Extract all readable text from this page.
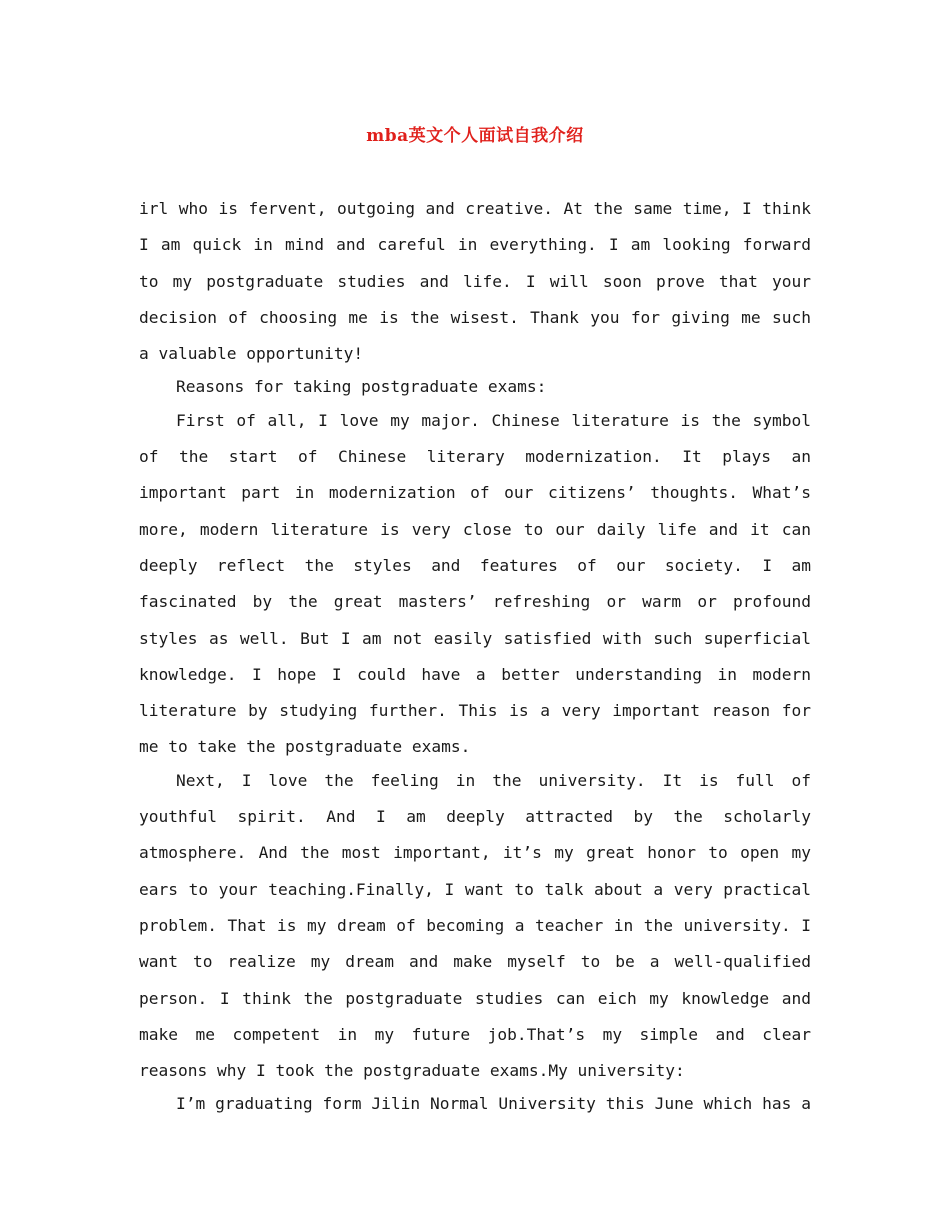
mba英文个人面试自我介绍

irl who is fervent, outgoing and creative. At the same time, I think I am quick in mind and careful in everything. I am looking forward to my postgraduate studies and life. I will soon prove that your decision of choosing me is the wisest. Thank you for giving me such a valuable opportunity!

Reasons for taking postgraduate exams:

First of all, I love my major. Chinese literature is the symbol of the start of Chinese literary modernization. It plays an important part in modernization of our citizens’ thoughts. What’s more, modern literature is very close to our daily life and it can deeply reflect the styles and features of our society. I am fascinated by the great masters’ refreshing or warm or profound styles as well. But I am not easily satisfied with such superficial knowledge. I hope I could have a better understanding in modern literature by studying further. This is a very important reason for me to take the postgraduate exams.

Next, I love the feeling in the university. It is full of youthful spirit. And I am deeply attracted by the scholarly atmosphere. And the most important, it’s my great honor to open my ears to your teaching.Finally, I want to talk about a very practical problem. That is my dream of becoming a teacher in the university. I want to realize my dream and make myself to be a well-qualified person. I think the postgraduate studies can eich my knowledge and make me competent in my future job.That’s my simple and clear reasons why I took the postgraduate exams.My university:

I’m graduating form Jilin Normal University this June which has a
